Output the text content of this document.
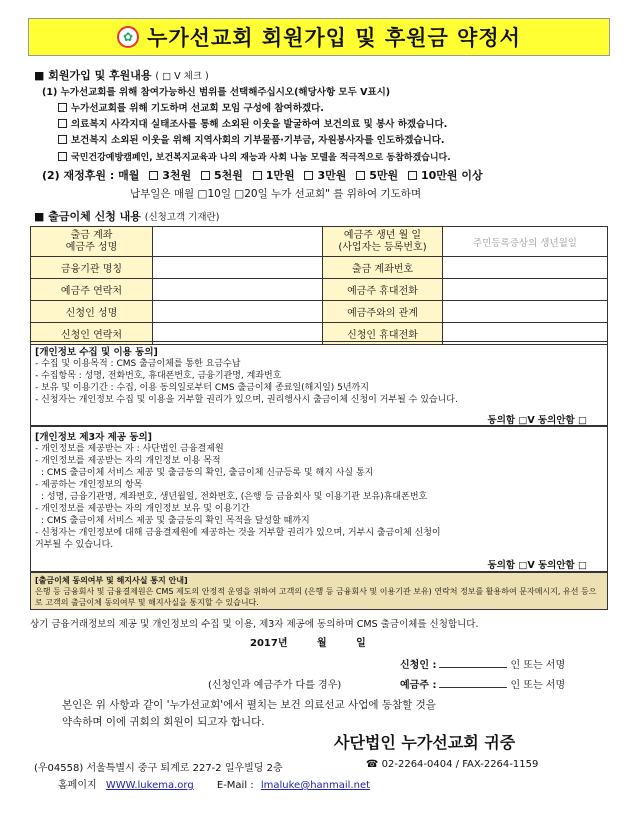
✿ 누가선교회 회원가입 및 후원금 약정서
■ 회원가입 및 후원내용 ( □ V 체크 )
(1) 누가선교회를 위해 참여가능하신 범위를 선택해주십시오(해당사항 모두 V표시)
누가선교회를 위해 기도하며 선교회 모임 구성에 참여하겠다.
의료복지 사각지대 실태조사를 통해 소외된 이웃을 발굴하여 보건의료 및 봉사 하겠습니다.
보건복지 소외된 이웃을 위해 지역사회의 기부물품·기부금, 자원봉사자를 인도하겠습니다.
국민건강예방캠페인, 보건복지교육과 나의 재능과 사회 나눔 모델을 적극적으로 동참하겠습니다.
(2) 재정후원 : 매월 3천원 5천원 1만원 3만원 5만원 10만원 이상
납부일은 매월 □10일 □20일 누가 선교회" 를 위하여 기도하며
■ 출금이체 신청 내용 (신청고객 기재란)
출금 계좌
예금주 성명		예금주 생년 월 일
(사업자는 등록번호)	주민등록증상의 생년월일
금융기관 명칭		출금 계좌번호	
예금주 연락처		예금주 휴대전화	
신청인 성명		예금주와의 관계	
신청인 연락처		신청인 휴대전화	
[개인정보 수집 및 이용 동의]
- 수집 및 이용목적 : CMS 출금이체를 통한 요금수납
- 수집항목 : 성명, 전화번호, 휴대폰번호, 금융기관명, 계좌번호
- 보유 및 이용기간 : 수집, 이용 동의일로부터 CMS 출금이체 종료일(해지일) 5년까지
- 신청자는 개인정보 수집 및 이용을 거부할 권리가 있으며, 권리행사시 출금이체 신청이 거부될 수 있습니다.
동의함 □V 동의안함 □
[개인정보 제3자 제공 동의]
- 개인정보를 제공받는 자 : 사단법인 금융결제원
- 개인정보를 제공받는 자의 개인정보 이용 목적
: CMS 출금이체 서비스 제공 및 출금동의 확인, 출금이체 신규등록 및 해지 사실 통지
- 제공하는 개인정보의 항목
: 성명, 금융기관명, 계좌번호, 생년월일, 전화번호, (은행 등 금융회사 및 이용기관 보유)휴대폰번호
- 개인정보를 제공받는 자의 개인정보 보유 및 이용기간
: CMS 출금이체 서비스 제공 및 출금동의 확인 목적을 달성할 때까지
- 신청자는 개인정보에 대해 금융결제원에 제공하는 것을 거부할 권리가 있으며, 거부시 출금이체 신청이
거부될 수 있습니다.
동의함 □V 동의안함 □
[출금이체 동의여부 및 해지사실 통지 안내]
은행 등 금융회사 및 금융결제원은 CMS 제도의 안정적 운영을 위하여 고객의 (은행 등 금융회사 및 이용기관 보유) 연락처 정보를 활용하여 문자메시지, 유선 등으로 고객의 출금이체 동의여부 및 해지사실을 통지할 수 있습니다.
상기 금융거래정보의 제공 및 개인정보의 수집 및 이용, 제3자 제공에 동의하며 CMS 출금이체를 신청합니다.
2017년	월	일
신청인 :	인 또는 서명
(신청인과 예금주가 다를 경우)	예금주 :	인 또는 서명
본인은 위 사항과 같이 '누가선교회'에서 펼치는 보건 의료선교 사업에 동참할 것을
약속하며 이에 귀회의 회원이 되고자 합니다.
사단법인 누가선교회 귀중
(우04558) 서울특별시 중구 퇴계로 227-2 일우빌딩 2층	☎ 02-2264-0404 / FAX-2264-1159
홈페이지 WWW.lukema.org E-Mail : lmaluke@hanmail.net
